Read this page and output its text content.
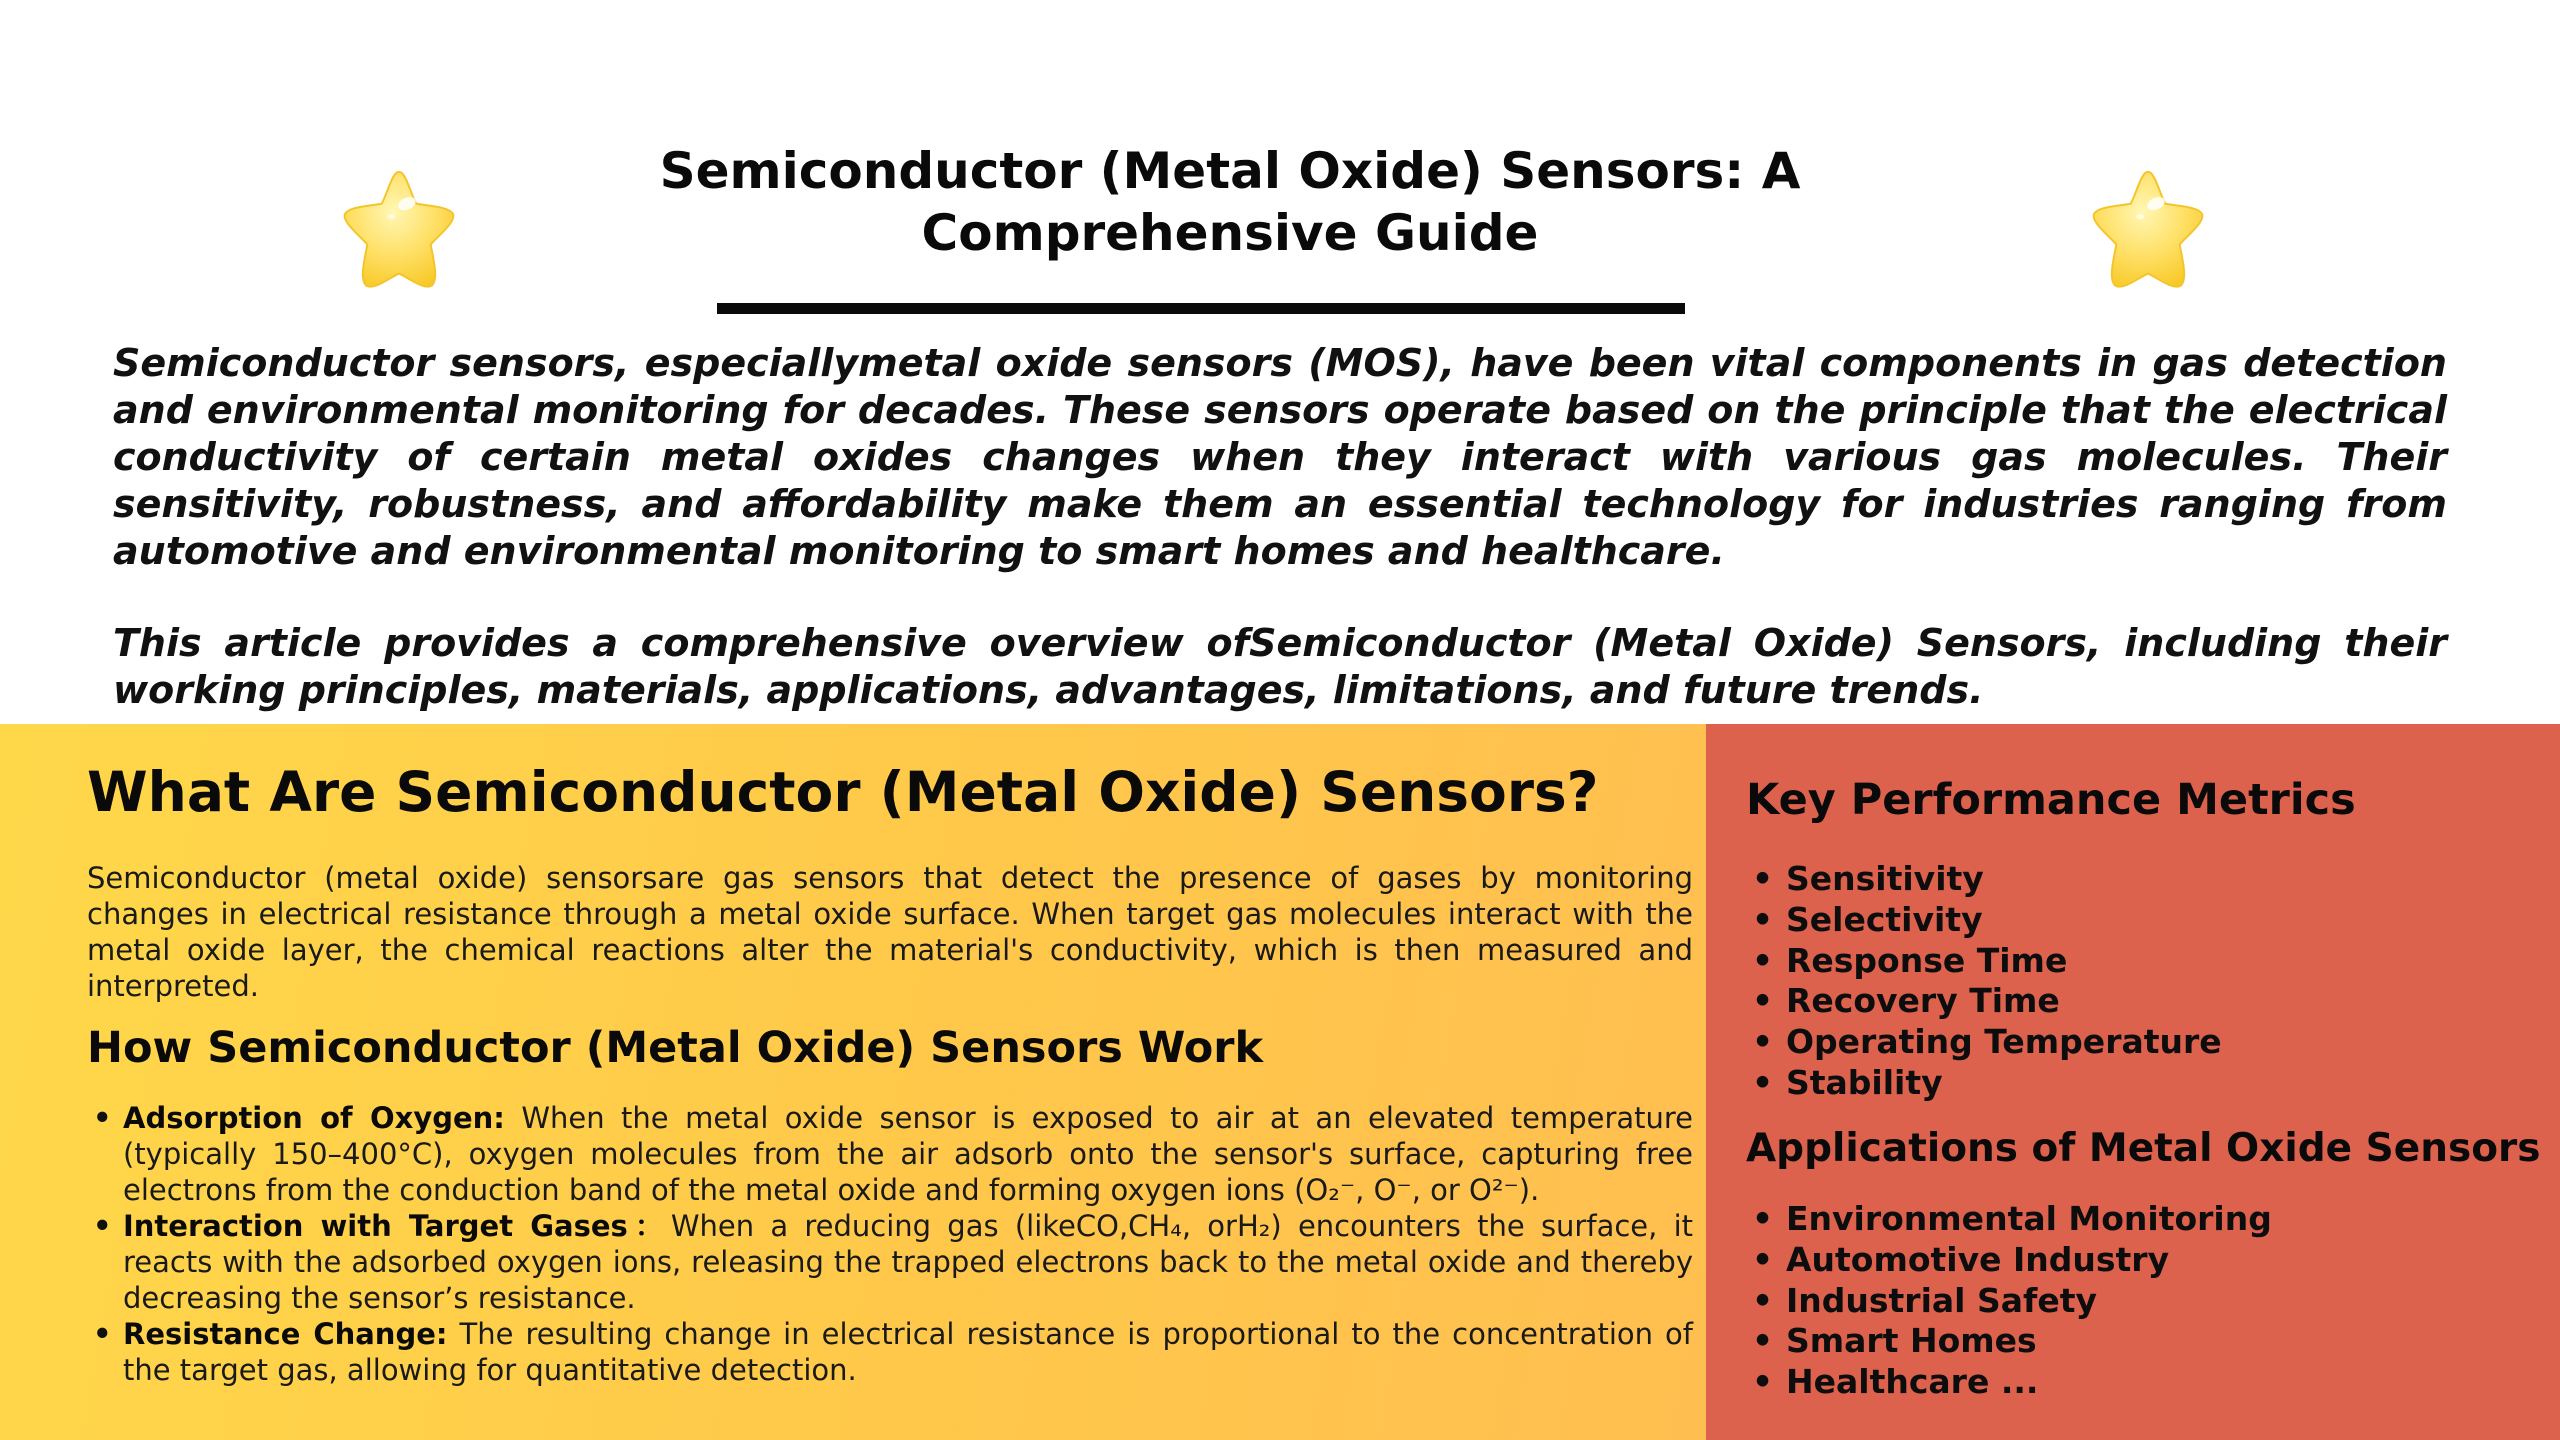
Semiconductor (Metal Oxide) Sensors: A
Comprehensive Guide

Semiconductor sensors, especiallymetal oxide sensors (MOS), have been vital components in gas detection and environmental monitoring for decades. These sensors operate based on the principle that the electrical conductivity of certain metal oxides changes when they interact with various gas molecules. Their sensitivity, robustness, and affordability make them an essential technology for industries ranging from automotive and environmental monitoring to smart homes and healthcare.

This article provides a comprehensive overview ofSemiconductor (Metal Oxide) Sensors, including their working principles, materials, applications, advantages, limitations, and future trends.

What Are Semiconductor (Metal Oxide) Sensors?

Semiconductor (metal oxide) sensorsare gas sensors that detect the presence of gases by monitoring changes in electrical resistance through a metal oxide surface. When target gas molecules interact with the metal oxide layer, the chemical reactions alter the material's conductivity, which is then measured and interpreted.

How Semiconductor (Metal Oxide) Sensors Work
• Adsorption of Oxygen: When the metal oxide sensor is exposed to air at an elevated temperature (typically 150–400°C), oxygen molecules from the air adsorb onto the sensor's surface, capturing free electrons from the conduction band of the metal oxide and forming oxygen ions (O₂⁻, O⁻, or O²⁻).
• Interaction with Target Gases：When a reducing gas (likeCO,CH₄, orH₂) encounters the surface, it reacts with the adsorbed oxygen ions, releasing the trapped electrons back to the metal oxide and thereby decreasing the sensor’s resistance.
• Resistance Change: The resulting change in electrical resistance is proportional to the concentration of the target gas, allowing for quantitative detection.
Key Performance Metrics
• Sensitivity
• Selectivity
• Response Time
• Recovery Time
• Operating Temperature
• Stability
Applications of Metal Oxide Sensors
• Environmental Monitoring
• Automotive Industry
• Industrial Safety
• Smart Homes
• Healthcare ...
